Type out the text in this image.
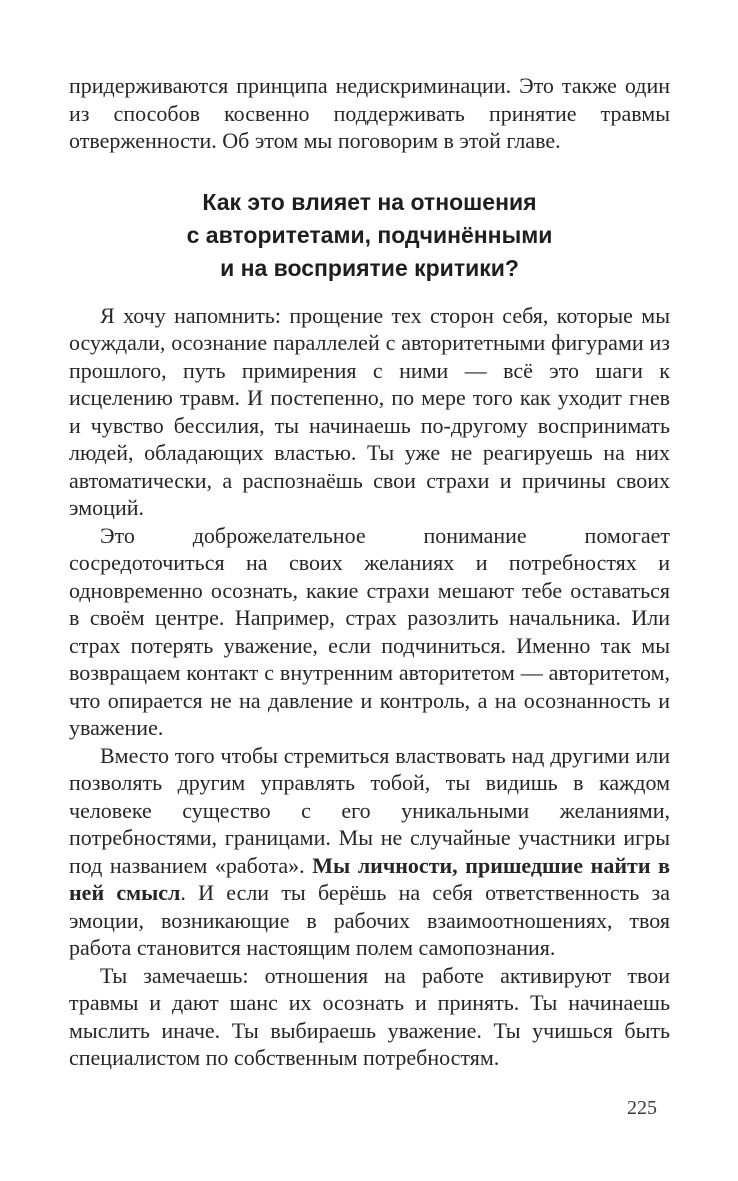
придерживаются принципа недискриминации. Это также один из способов косвенно поддерживать принятие травмы отверженности. Об этом мы поговорим в этой главе.

Как это влияет на отношения
с авторитетами, подчинёнными
и на восприятие критики?

Я хочу напомнить: прощение тех сторон себя, которые мы осуждали, осознание параллелей с авторитетными фигурами из прошлого, путь примирения с ними — всё это шаги к исцелению травм. И постепенно, по мере того как уходит гнев и чувство бессилия, ты начинаешь по-другому воспринимать людей, обладающих властью. Ты уже не реагируешь на них автоматически, а распознаёшь свои страхи и причины своих эмоций.

Это доброжелательное понимание помогает сосредоточиться на своих желаниях и потребностях и одновременно осознать, какие страхи мешают тебе оставаться в своём центре. Например, страх разозлить начальника. Или страх потерять уважение, если подчиниться. Именно так мы возвращаем контакт с внутренним авторитетом — авторитетом, что опирается не на давление и контроль, а на осознанность и уважение.

Вместо того чтобы стремиться властвовать над другими или позволять другим управлять тобой, ты видишь в каждом человеке существо с его уникальными желаниями, потребностями, границами. Мы не случайные участники игры под названием «работа». Мы личности, пришедшие найти в ней смысл. И если ты берёшь на себя ответственность за эмоции, возникающие в рабочих взаимоотношениях, твоя работа становится настоящим полем самопознания.

Ты замечаешь: отношения на работе активируют твои травмы и дают шанс их осознать и принять. Ты начинаешь мыслить иначе. Ты выбираешь уважение. Ты учишься быть специалистом по собственным потребностям.

225
